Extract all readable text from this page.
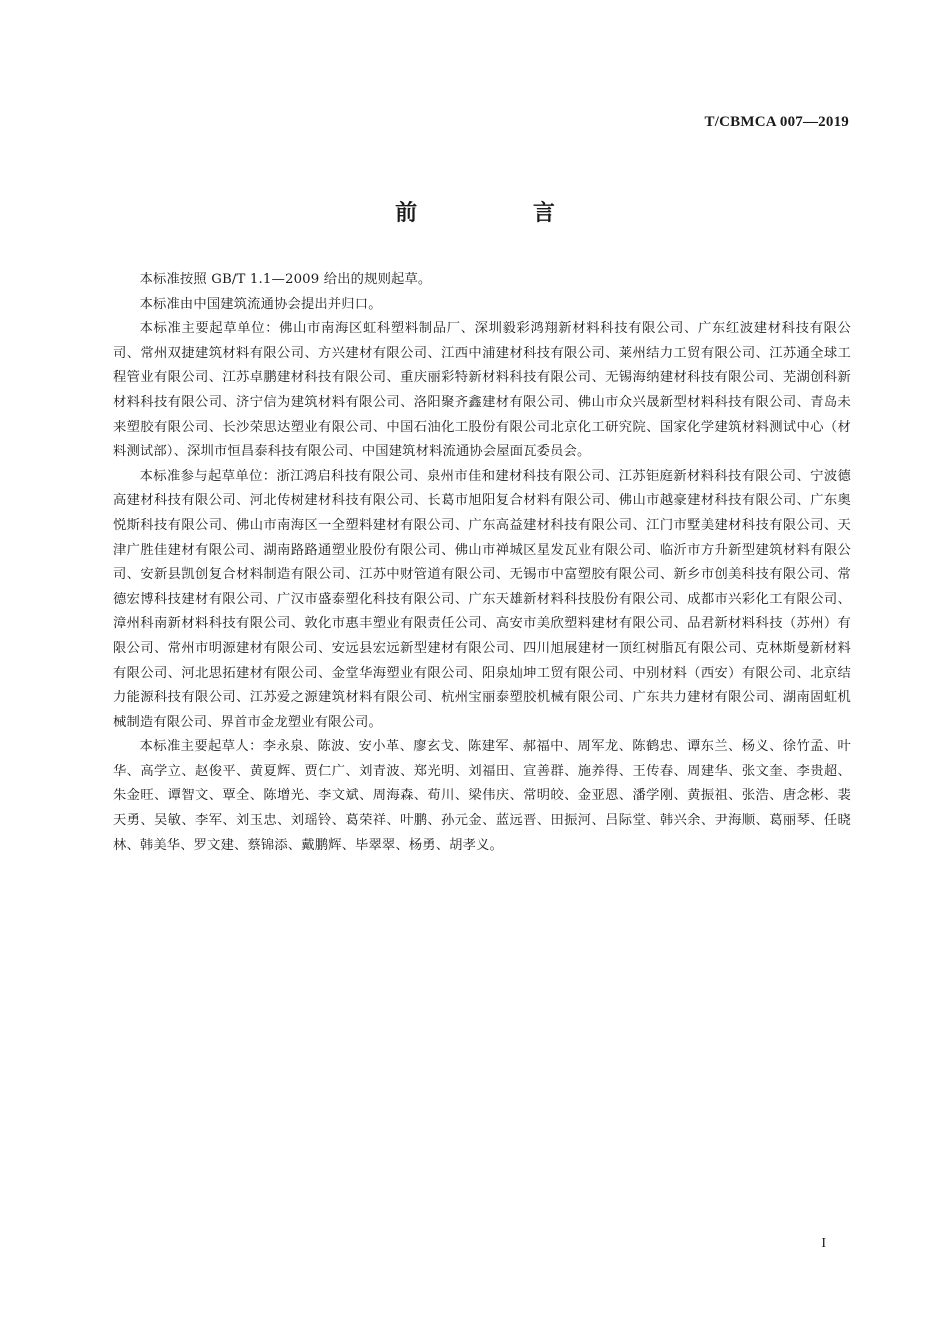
T/CBMCA 007—2019
前 言

本标准按照 GB/T 1.1—2009 给出的规则起草。

本标准由中国建筑流通协会提出并归口。

本标准主要起草单位：佛山市南海区虹科塑料制品厂、深圳毅彩鸿翔新材料科技有限公司、广东红波建材科技有限公司、常州双捷建筑材料有限公司、方兴建材有限公司、江西中浦建材科技有限公司、莱州结力工贸有限公司、江苏通全球工程管业有限公司、江苏卓鹏建材科技有限公司、重庆丽彩特新材料科技有限公司、无锡海纳建材科技有限公司、芜湖创科新材料科技有限公司、济宁信为建筑材料有限公司、洛阳聚齐鑫建材有限公司、佛山市众兴晟新型材料科技有限公司、青岛未来塑胶有限公司、长沙荣思达塑业有限公司、中国石油化工股份有限公司北京化工研究院、国家化学建筑材料测试中心（材料测试部）、深圳市恒昌泰科技有限公司、中国建筑材料流通协会屋面瓦委员会。

本标准参与起草单位：浙江鸿启科技有限公司、泉州市佳和建材科技有限公司、江苏钜庭新材料科技有限公司、宁波德高建材科技有限公司、河北传树建材科技有限公司、长葛市旭阳复合材料有限公司、佛山市越豪建材科技有限公司、广东奥悦斯科技有限公司、佛山市南海区一全塑料建材有限公司、广东高益建材科技有限公司、江门市墅美建材科技有限公司、天津广胜佳建材有限公司、湖南路路通塑业股份有限公司、佛山市禅城区星发瓦业有限公司、临沂市方升新型建筑材料有限公司、安新县凯创复合材料制造有限公司、江苏中财管道有限公司、无锡市中富塑胶有限公司、新乡市创美科技有限公司、常德宏博科技建材有限公司、广汉市盛泰塑化科技有限公司、广东天雄新材料科技股份有限公司、成都市兴彩化工有限公司、漳州科南新材料科技有限公司、敦化市惠丰塑业有限责任公司、高安市美欣塑料建材有限公司、品君新材料科技（苏州）有限公司、常州市明源建材有限公司、安远县宏远新型建材有限公司、四川旭展建材一顶红树脂瓦有限公司、克林斯曼新材料有限公司、河北思拓建材有限公司、金堂华海塑业有限公司、阳泉灿坤工贸有限公司、中别材料（西安）有限公司、北京结力能源科技有限公司、江苏爱之源建筑材料有限公司、杭州宝丽泰塑胶机械有限公司、广东共力建材有限公司、湖南固虹机械制造有限公司、界首市金龙塑业有限公司。

本标准主要起草人：李永泉、陈波、安小革、廖玄戈、陈建军、郝福中、周军龙、陈鹤忠、谭东兰、杨义、徐竹孟、叶华、高学立、赵俊平、黄夏辉、贾仁广、刘青波、郑光明、刘福田、宣善群、施养得、王传春、周建华、张文奎、李贵超、朱金旺、谭智文、覃全、陈增光、李文斌、周海森、荀川、梁伟庆、常明皎、金亚恩、潘学刚、黄振祖、张浩、唐念彬、裴天勇、吴敏、李军、刘玉忠、刘瑶铃、葛荣祥、叶鹏、孙元金、蓝远晋、田振河、吕际堂、韩兴余、尹海顺、葛丽琴、任晓林、韩美华、罗文建、蔡锦添、戴鹏辉、毕翠翠、杨勇、胡孝义。

I
